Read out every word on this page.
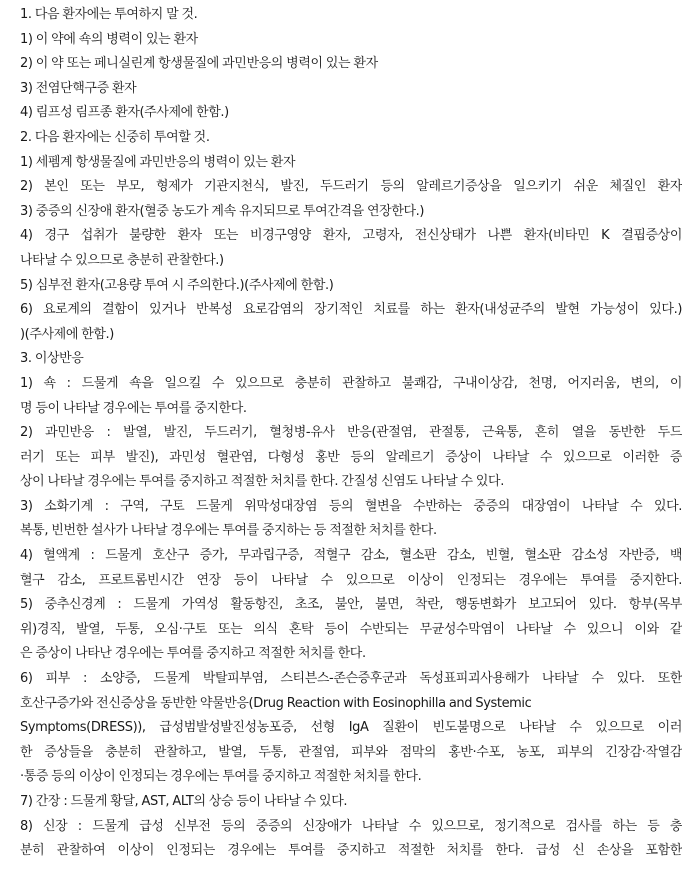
1. 다음 환자에는 투여하지 말 것.
1) 이 약에 쇽의 병력이 있는 환자
2) 이 약 또는 페니실린계 항생물질에 과민반응의 병력이 있는 환자
3) 전염단핵구증 환자
4) 림프성 림프종 환자(주사제에 한함.)
2. 다음 환자에는 신중히 투여할 것.
1) 세펨계 항생물질에 과민반응의 병력이 있는 환자
2) 본인 또는 부모, 형제가 기관지천식, 발진, 두드러기 등의 알레르기증상을 일으키기 쉬운 체질인 환자
3) 중증의 신장애 환자(혈중 농도가 계속 유지되므로 투여간격을 연장한다.)
4) 경구 섭취가 불량한 환자 또는 비경구영양 환자, 고령자, 전신상태가 나쁜 환자(비타민 K 결핍증상이
나타날 수 있으므로 충분히 관찰한다.)
5) 심부전 환자(고용량 투여 시 주의한다.)(주사제에 한함.)
6) 요로계의 결함이 있거나 반복성 요로감염의 장기적인 치료를 하는 환자(내성균주의 발현 가능성이 있다.)
)(주사제에 한함.)
3. 이상반응
1) 쇽 : 드물게 쇽을 일으킬 수 있으므로 충분히 관찰하고 불쾌감, 구내이상감, 천명, 어지러움, 변의, 이
명 등이 나타날 경우에는 투여를 중지한다.
2) 과민반응 : 발열, 발진, 두드러기, 혈청병-유사 반응(관절염, 관절통, 근육통, 흔히 열을 동반한 두드
러기 또는 피부 발진), 과민성 혈관염, 다형성 홍반 등의 알레르기 증상이 나타날 수 있으므로 이러한 증
상이 나타날 경우에는 투여를 중지하고 적절한 처치를 한다. 간질성 신염도 나타날 수 있다.
3) 소화기계 : 구역, 구토 드물게 위막성대장염 등의 혈변을 수반하는 중증의 대장염이 나타날 수 있다.
복통, 빈번한 설사가 나타날 경우에는 투여를 중지하는 등 적절한 처치를 한다.
4) 혈액계 : 드물게 호산구 증가, 무과립구증, 적혈구 감소, 혈소판 감소, 빈혈, 혈소판 감소성 자반증, 백
혈구 감소, 프로트롬빈시간 연장 등이 나타날 수 있으므로 이상이 인정되는 경우에는 투여를 중지한다.
5) 중추신경계 : 드물게 가역성 활동항진, 초조, 불안, 불면, 착란, 행동변화가 보고되어 있다. 항부(목부
위)경직, 발열, 두통, 오심·구토 또는 의식 혼탁 등이 수반되는 무균성수막염이 나타날 수 있으니 이와 같
은 증상이 나타난 경우에는 투여를 중지하고 적절한 처치를 한다.
6) 피부 : 소양증, 드물게 박탈피부염, 스티븐스-존슨증후군과 독성표피괴사용해가 나타날 수 있다. 또한
호산구증가와 전신증상을 동반한 약물반응(Drug Reaction with Eosinophilla and Systemic
Symptoms(DRESS)), 급성범발성발진성농포증, 선형 IgA 질환이 빈도불명으로 나타날 수 있으므로 이러
한 증상들을 충분히 관찰하고, 발열, 두통, 관절염, 피부와 점막의 홍반·수포, 농포, 피부의 긴장감·작열감
·통증 등의 이상이 인정되는 경우에는 투여를 중지하고 적절한 처치를 한다.
7) 간장 : 드물게 황달, AST, ALT의 상승 등이 나타날 수 있다.
8) 신장 : 드물게 급성 신부전 등의 중증의 신장애가 나타날 수 있으므로, 정기적으로 검사를 하는 등 충
분히 관찰하여 이상이 인정되는 경우에는 투여를 중지하고 적절한 처치를 한다. 급성 신 손상을 포함한
